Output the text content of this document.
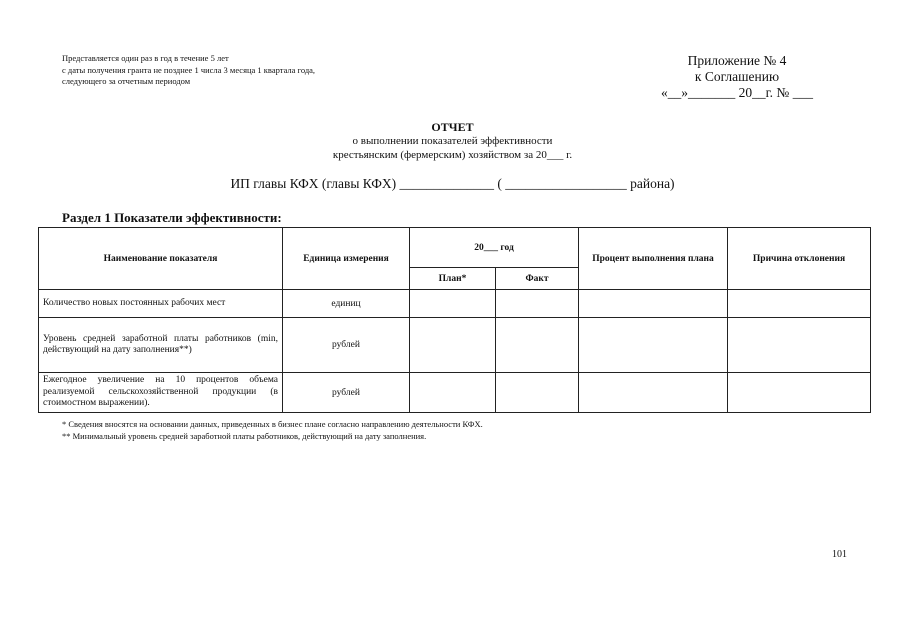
Представляется один раз в год в течение 5 лет
с даты получения гранта не позднее 1 числа 3 месяца 1 квартала года,
следующего за отчетным периодом
Приложение № 4
к Соглашению
«__»_______ 20__г. № ___
ОТЧЕТ
о выполнении показателей эффективности
крестьянским (фермерским) хозяйством за 20___ г.
ИП главы КФХ (главы КФХ) ______________ ( __________________ района)
Раздел 1 Показатели эффективности:
Наименование показателя	Единица измерения	20___ год		Процент выполнения плана	Причина отклонения
		План*	Факт		
Количество новых постоянных рабочих мест	единиц				
Уровень средней заработной платы работников (min, действующий на дату заполнения**)	рублей				
Ежегодное увеличение на 10 процентов объема реализуемой сельскохозяйственной продукции (в стоимостном выражении).	рублей				
* Сведения вносятся на основании данных, приведенных в бизнес плане согласно направлению деятельности КФХ.
** Минимальный уровень средней заработной платы работников, действующий на дату заполнения.
101
